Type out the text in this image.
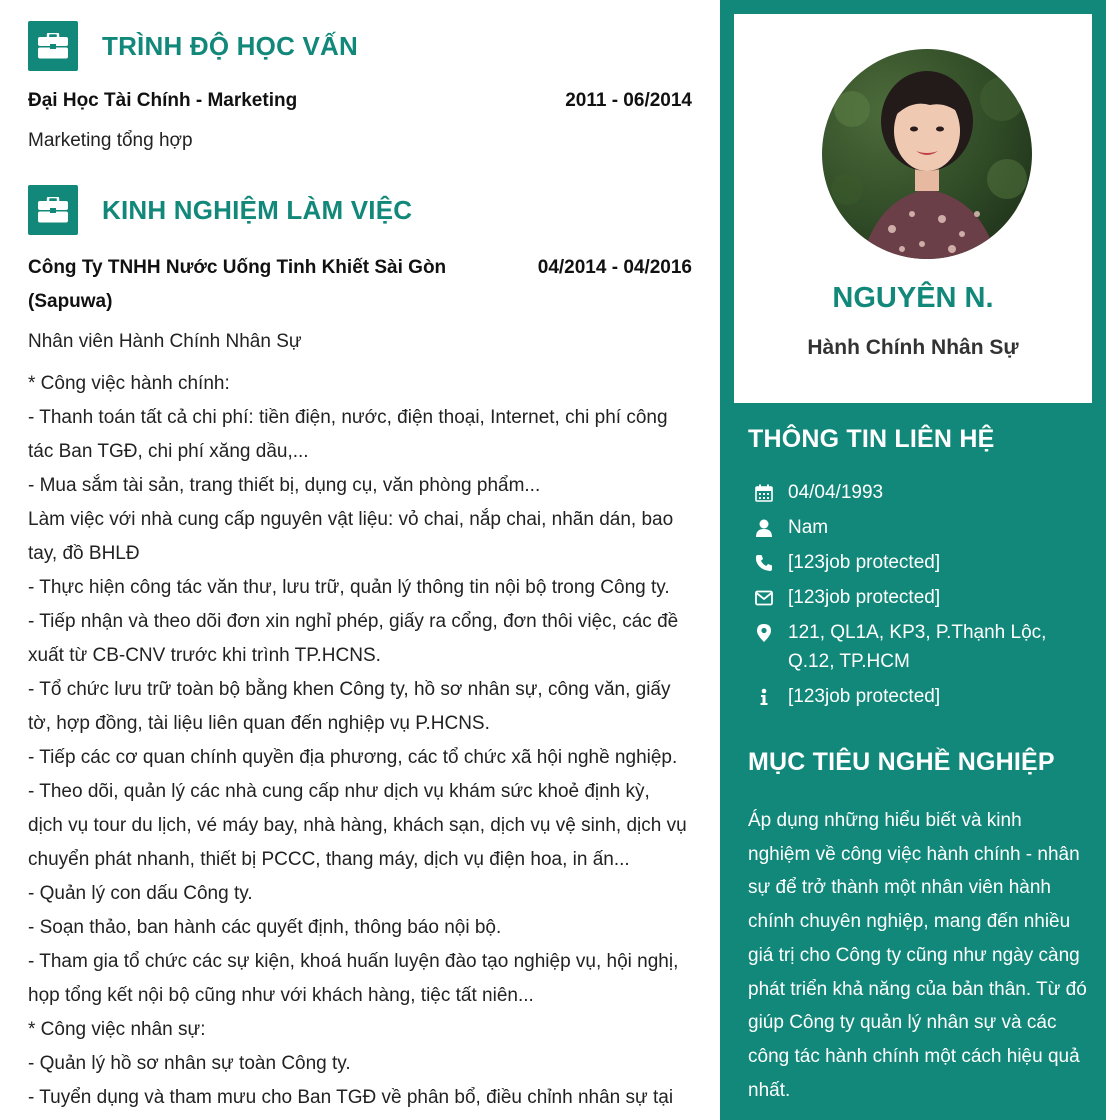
TRÌNH ĐỘ HỌC VẤN
Đại Học Tài Chính - Marketing	2011 - 06/2014
Marketing tổng hợp
KINH NGHIỆM LÀM VIỆC
Công Ty TNHH Nước Uống Tinh Khiết Sài Gòn
(Sapuwa)
04/2014 - 04/2016
Nhân viên Hành Chính Nhân Sự
* Công việc hành chính:
- Thanh toán tất cả chi phí: tiền điện, nước, điện thoại, Internet, chi phí công
tác Ban TGĐ, chi phí xăng dầu,...
- Mua sắm tài sản, trang thiết bị, dụng cụ, văn phòng phẩm...
Làm việc với nhà cung cấp nguyên vật liệu: vỏ chai, nắp chai, nhãn dán, bao
tay, đồ BHLĐ
- Thực hiện công tác văn thư, lưu trữ, quản lý thông tin nội bộ trong Công ty.
- Tiếp nhận và theo dõi đơn xin nghỉ phép, giấy ra cổng, đơn thôi việc, các đề
xuất từ CB-CNV trước khi trình TP.HCNS.
- Tổ chức lưu trữ toàn bộ bằng khen Công ty, hồ sơ nhân sự, công văn, giấy
tờ, hợp đồng, tài liệu liên quan đến nghiệp vụ P.HCNS.
- Tiếp các cơ quan chính quyền địa phương, các tổ chức xã hội nghề nghiệp.
- Theo dõi, quản lý các nhà cung cấp như dịch vụ khám sức khoẻ định kỳ,
dịch vụ tour du lịch, vé máy bay, nhà hàng, khách sạn, dịch vụ vệ sinh, dịch vụ
chuyển phát nhanh, thiết bị PCCC, thang máy, dịch vụ điện hoa, in ấn...
- Quản lý con dấu Công ty.
- Soạn thảo, ban hành các quyết định, thông báo nội bộ.
- Tham gia tổ chức các sự kiện, khoá huấn luyện đào tạo nghiệp vụ, hội nghị,
họp tổng kết nội bộ cũng như với khách hàng, tiệc tất niên...
* Công việc nhân sự:
- Quản lý hồ sơ nhân sự toàn Công ty.
- Tuyển dụng và tham mưu cho Ban TGĐ về phân bổ, điều chỉnh nhân sự tại
NGUYÊN N.
Hành Chính Nhân Sự
THÔNG TIN LIÊN HỆ
04/04/1993
Nam
[123job protected]
[123job protected]
121, QL1A, KP3, P.Thạnh Lộc, Q.12, TP.HCM
[123job protected]
MỤC TIÊU NGHỀ NGHIỆP
Áp dụng những hiểu biết và kinh nghiệm về công việc hành chính - nhân sự để trở thành một nhân viên hành chính chuyên nghiệp, mang đến nhiều giá trị cho Công ty cũng như ngày càng phát triển khả năng của bản thân. Từ đó giúp Công ty quản lý nhân sự và các công tác hành chính một cách hiệu quả nhất.
